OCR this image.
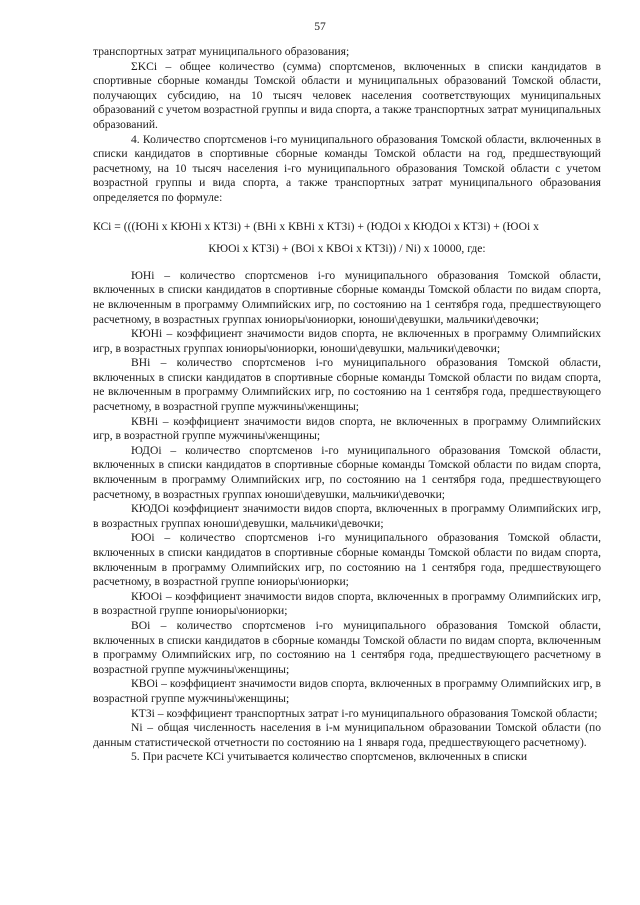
57

транспортных затрат муниципального образования;

ΣKCi – общее количество (сумма) спортсменов, включенных в списки кандидатов в спортивные сборные команды Томской области и муниципальных образований Томской области, получающих субсидию, на 10 тысяч человек населения соответствующих муниципальных образований с учетом возрастной группы и вида спорта, а также транспортных затрат муниципальных образований.

4. Количество спортсменов i-го муниципального образования Томской области, включенных в списки кандидатов в спортивные сборные команды Томской области на год, предшествующий расчетному, на 10 тысяч населения i-го муниципального образования Томской области с учетом возрастной группы и вида спорта, а также транспортных затрат муниципального образования определяется по формуле:

КСi = (((ЮНi x КЮНi x КТЗi) + (ВНi x КВНi x КТЗi) + (ЮДОi x КЮДОi x КТЗi) + (ЮОi x

КЮОi x КТЗi) + (ВОi x КВОi x КТЗi)) / Ni) x 10000, где:

ЮНi – количество спортсменов i-го муниципального образования Томской области, включенных в списки кандидатов в спортивные сборные команды Томской области по видам спорта, не включенным в программу Олимпийских игр, по состоянию на 1 сентября года, предшествующего расчетному, в возрастных группах юниоры\юниорки, юноши\девушки, мальчики\девочки;

КЮНi – коэффициент значимости видов спорта, не включенных в программу Олимпийских игр, в возрастных группах юниоры\юниорки, юноши\девушки, мальчики\девочки;

ВНi – количество спортсменов i-го муниципального образования Томской области, включенных в списки кандидатов в спортивные сборные команды Томской области по видам спорта, не включенным в программу Олимпийских игр, по состоянию на 1 сентября года, предшествующего расчетному, в возрастной группе мужчины\женщины;

КВНi – коэффициент значимости видов спорта, не включенных в программу Олимпийских игр, в возрастной группе мужчины\женщины;

ЮДОi – количество спортсменов i-го муниципального образования Томской области, включенных в списки кандидатов в спортивные сборные команды Томской области по видам спорта, включенным в программу Олимпийских игр, по состоянию на 1 сентября года, предшествующего расчетному, в возрастных группах юноши\девушки, мальчики\девочки;

КЮДОi коэффициент значимости видов спорта, включенных в программу Олимпийских игр, в возрастных группах юноши\девушки, мальчики\девочки;

ЮОi – количество спортсменов i-го муниципального образования Томской области, включенных в списки кандидатов в спортивные сборные команды Томской области по видам спорта, включенным в программу Олимпийских игр, по состоянию на 1 сентября года, предшествующего расчетному, в возрастной группе юниоры\юниорки;

КЮОi – коэффициент значимости видов спорта, включенных в программу Олимпийских игр, в возрастной группе юниоры\юниорки;

ВОi – количество спортсменов i-го муниципального образования Томской области, включенных в списки кандидатов в сборные команды Томской области по видам спорта, включенным в программу Олимпийских игр, по состоянию на 1 сентября года, предшествующего расчетному в возрастной группе мужчины\женщины;

КВОi – коэффициент значимости видов спорта, включенных в программу Олимпийских игр, в возрастной группе мужчины\женщины;

КТЗi – коэффициент транспортных затрат i-го муниципального образования Томской области;

Ni – общая численность населения в i-м муниципальном образовании Томской области (по данным статистической отчетности по состоянию на 1 января года, предшествующего расчетному).

5. При расчете КСi учитывается количество спортсменов, включенных в списки
